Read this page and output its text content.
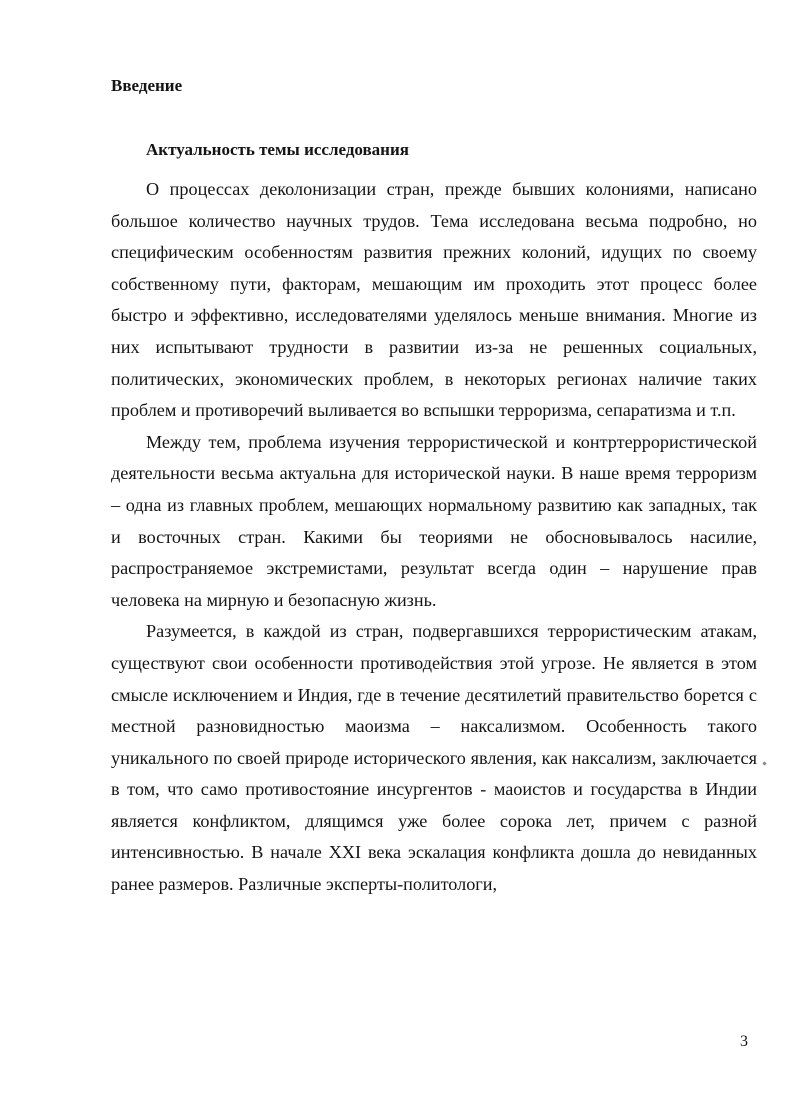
Введение
Актуальность темы исследования

О процессах деколонизации стран, прежде бывших колониями, написано большое количество научных трудов. Тема исследована весьма подробно, но специфическим особенностям развития прежних колоний, идущих по своему собственному пути, факторам, мешающим им проходить этот процесс более быстро и эффективно, исследователями уделялось меньше внимания. Многие из них испытывают трудности в развитии из-за не решенных социальных, политических, экономических проблем, в некоторых регионах наличие таких проблем и противоречий выливается во вспышки терроризма, сепаратизма и т.п.

Между тем, проблема изучения террористической и контртеррористической деятельности весьма актуальна для исторической науки. В наше время терроризм – одна из главных проблем, мешающих нормальному развитию как западных, так и восточных стран. Какими бы теориями не обосновывалось насилие, распространяемое экстремистами, результат всегда один – нарушение прав человека на мирную и безопасную жизнь.

Разумеется, в каждой из стран, подвергавшихся террористическим атакам, существуют свои особенности противодействия этой угрозе. Не является в этом смысле исключением и Индия, где в течение десятилетий правительство борется с местной разновидностью маоизма – наксализмом. Особенность такого уникального по своей природе исторического явления, как наксализм, заключается в том, что само противостояние инсургентов - маоистов и государства в Индии является конфликтом, длящимся уже более сорока лет, причем с разной интенсивностью. В начале XXI века эскалация конфликта дошла до невиданных ранее размеров. Различные эксперты-политологи,

3
